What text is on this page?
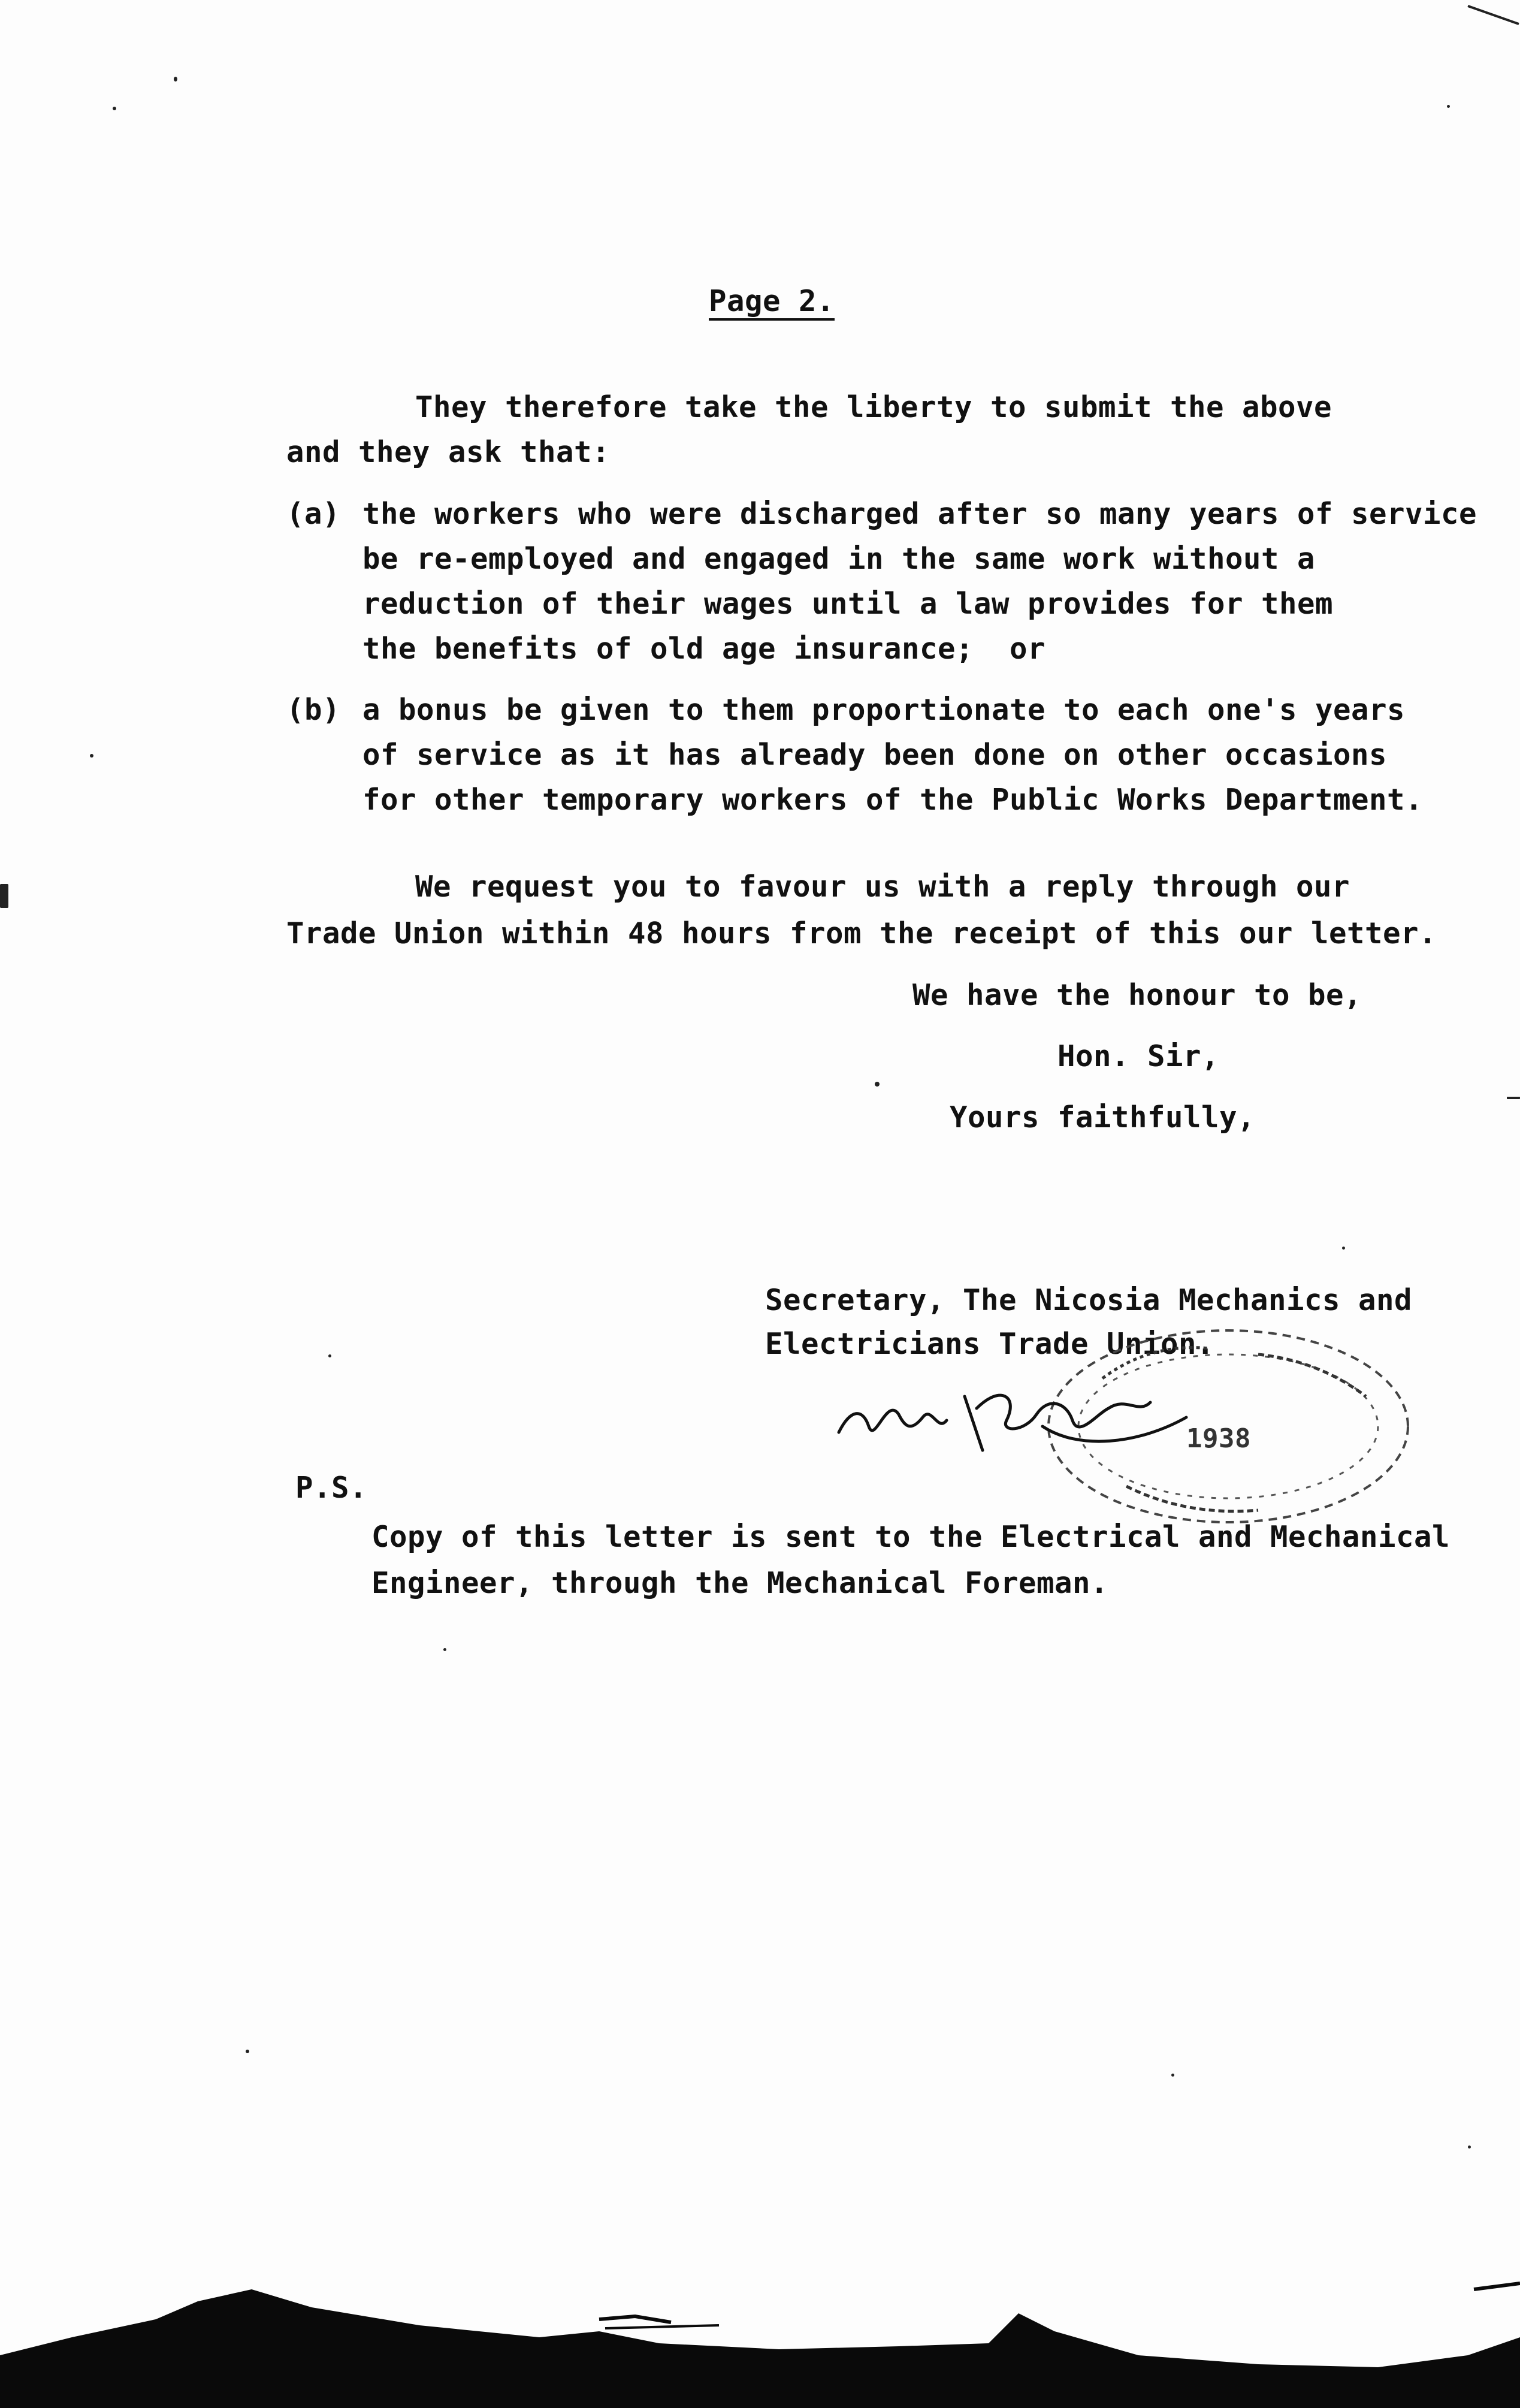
Page 2.
They therefore take the liberty to submit the above
and they ask that:
(a) the workers who were discharged after so many years of service
be re-employed and engaged in the same work without a
reduction of their wages until a law provides for them
the benefits of old age insurance;  or
(b) a bonus be given to them proportionate to each one's years
of service as it has already been done on other occasions
for other temporary workers of the Public Works Department.
We request you to favour us with a reply through our
Trade Union within 48 hours from the receipt of this our letter.
We have the honour to be,
Hon. Sir,
Yours faithfully,
Secretary, The Nicosia Mechanics and
Electricians Trade Union.
1938
P.S.
Copy of this letter is sent to the Electrical and Mechanical
Engineer, through the Mechanical Foreman.
